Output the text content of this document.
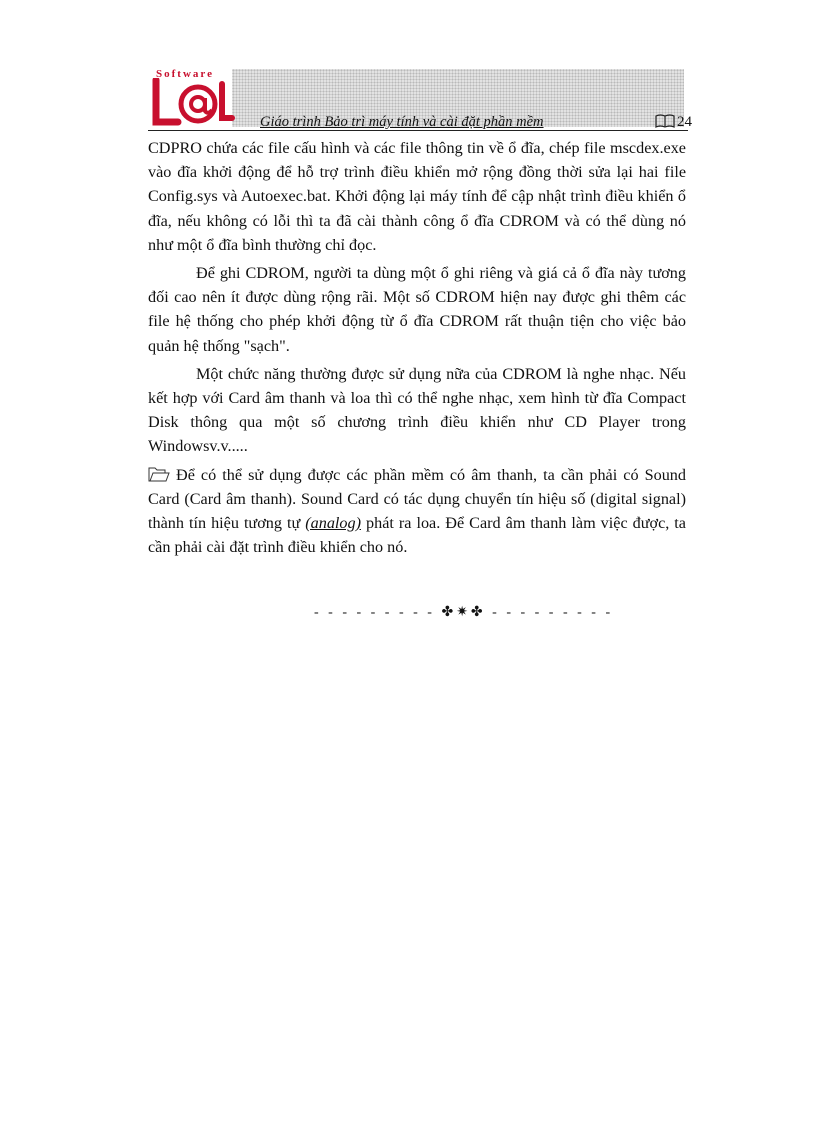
Software
Giáo trình Bảo trì máy tính và cài đặt phần mềm	24

CDPRO chứa các file cấu hình và các file thông tin về ổ đĩa, chép file mscdex.exe vào đĩa khởi động để hỗ trợ trình điều khiển mở rộng đồng thời sửa lại hai file Config.sys và Autoexec.bat. Khởi động lại máy tính để cập nhật trình điều khiển ổ đĩa, nếu không có lỗi thì ta đã cài thành công ổ đĩa CDROM và có thể dùng nó như một ổ đĩa bình thường chỉ đọc.

Để ghi CDROM, người ta dùng một ổ ghi riêng và giá cả ổ đĩa này tương đối cao nên ít được dùng rộng rãi. Một số CDROM hiện nay được ghi thêm các file hệ thống cho phép khởi động từ ổ đĩa CDROM rất thuận tiện cho việc bảo quản hệ thống "sạch".

Một chức năng thường được sử dụng nữa của CDROM là nghe nhạc. Nếu kết hợp với Card âm thanh và loa thì có thể nghe nhạc, xem hình từ đĩa Compact Disk thông qua một số chương trình điều khiển như CD Player trong Windowsv.v.....

Để có thể sử dụng được các phần mềm có âm thanh, ta cần phải có Sound Card (Card âm thanh). Sound Card có tác dụng chuyển tín hiệu số (digital signal) thành tín hiệu tương tự (analog) phát ra loa. Để Card âm thanh làm việc được, ta cần phải cài đặt trình điều khiển cho nó.

- - - - - - - - - ✤✷✤ - - - - - - - - -
